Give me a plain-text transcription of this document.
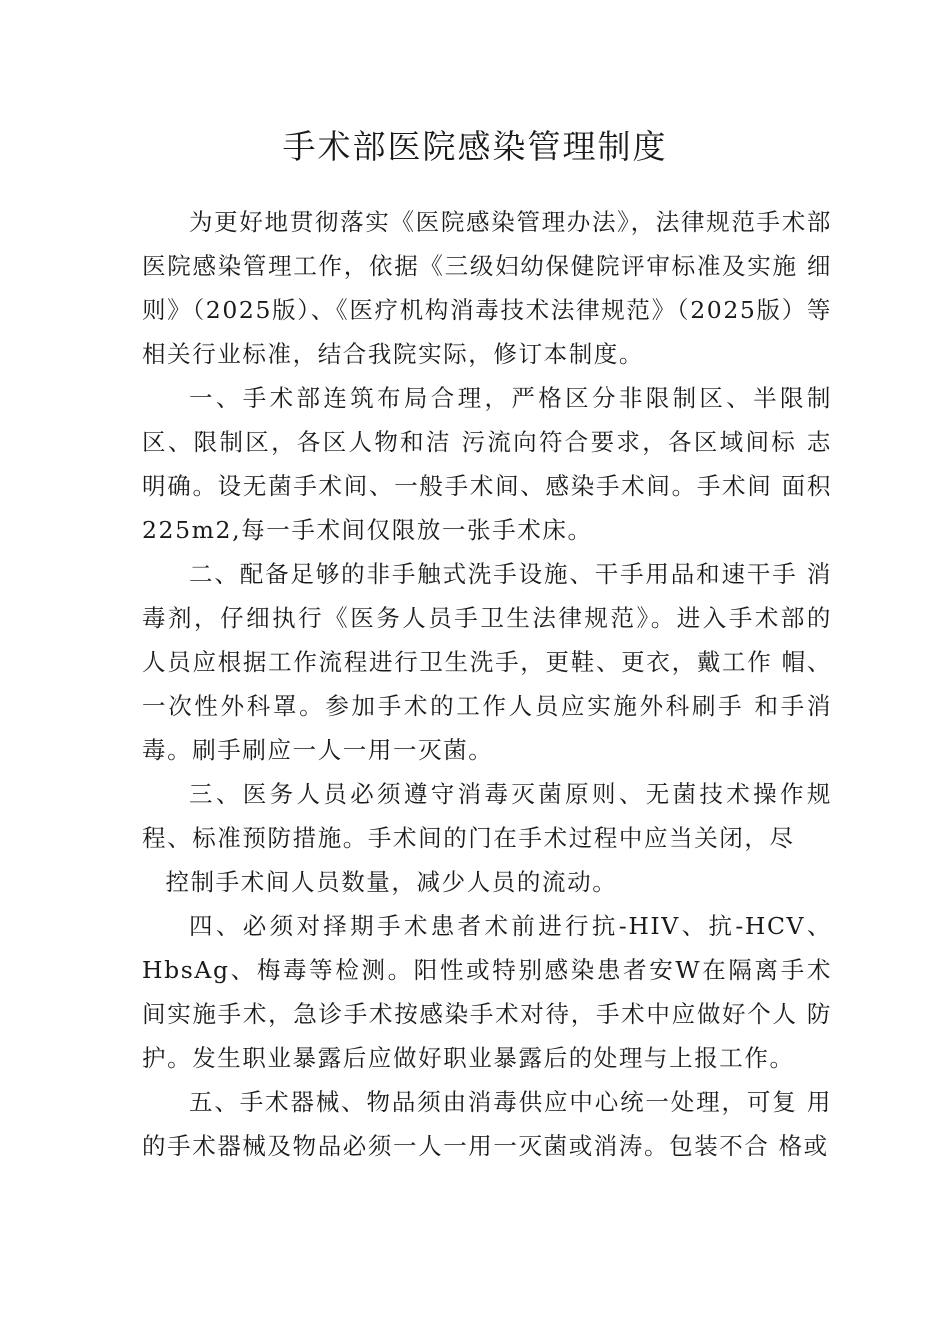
手术部医院感染管理制度

为更好地贯彻落实《医院感染管理办法》，法律规范手术部医院感染管理工作，依据《三级妇幼保健院评审标准及实施 细则》（2025版）、《医疗机构消毒技术法律规范》（2025版）等 相关行业标准，结合我院实际，修订本制度。

一、手术部连筑布局合理，严格区分非限制区、半限制区、限制区，各区人物和洁 污流向符合要求，各区域间标 志明确。设无菌手术间、一般手术间、感染手术间。手术间 面积225m2,每一手术间仅限放一张手术床。

二、配备足够的非手触式洗手设施、干手用品和速干手 消毒剂，仔细执行《医务人员手卫生法律规范》。进入手术部的人员应根据工作流程进行卫生洗手，更鞋、更衣，戴工作 帽、一次性外科罩。参加手术的工作人员应实施外科刷手 和手消毒。刷手刷应一人一用一灭菌。

三、医务人员必须遵守消毒灭菌原则、无菌技术操作规程、标准预防措施。手术间的门在手术过程中应当关闭，尽

控制手术间人员数量，减少人员的流动。

四、必须对择期手术患者术前进行抗-HIV、抗-HCV、HbsAg、梅毒等检测。阳性或特别感染患者安W在隔离手术 间实施手术，急诊手术按感染手术对待，手术中应做好个人 防护。发生职业暴露后应做好职业暴露后的处理与上报工作。

五、手术器械、物品须由消毒供应中心统一处理，可复 用的手术器械及物品必须一人一用一灭菌或消涛。包装不合 格或
